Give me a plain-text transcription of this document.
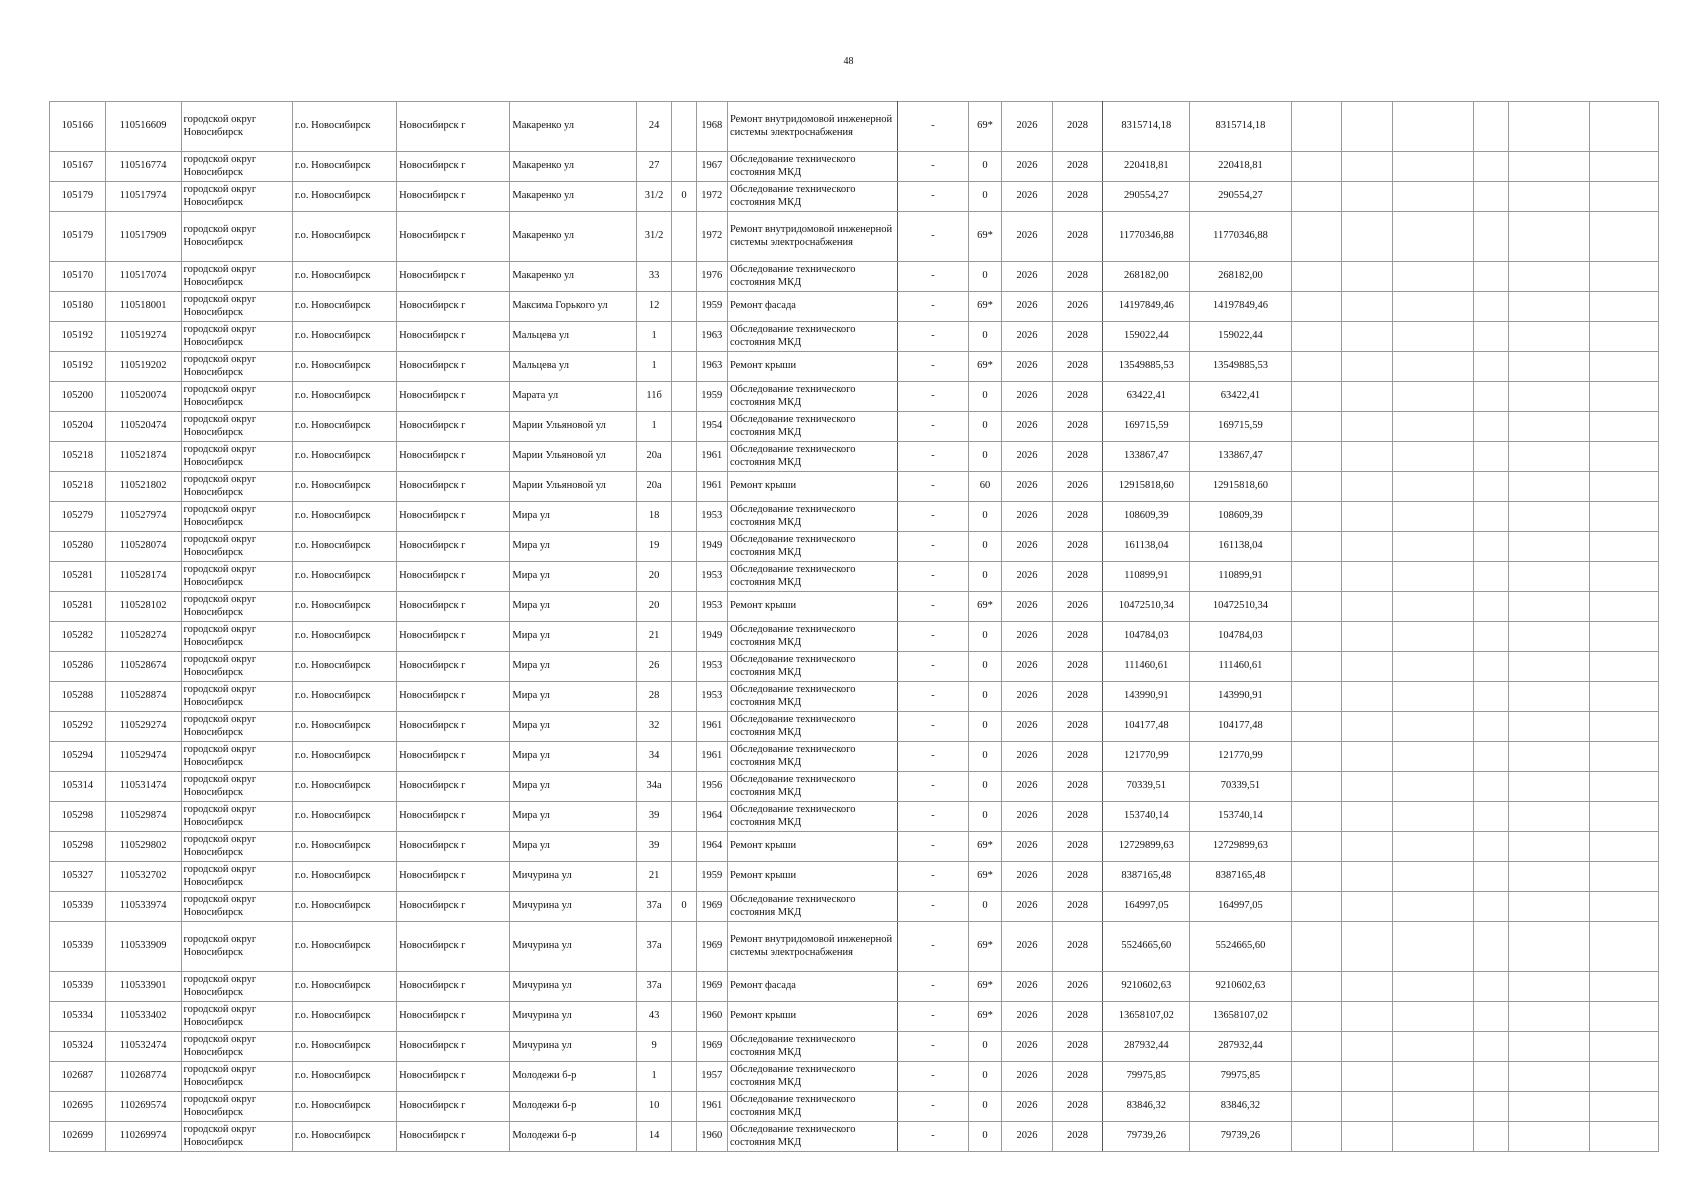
48
105166	110516609	городской округ Новосибирск	г.о. Новосибирск	Новосибирск г	Макаренко ул	24		1968	Ремонт внутридомовой инженерной системы электроснабжения	-	69*	2026	2028	8315714,18	8315714,18						
105167	110516774	городской округ Новосибирск	г.о. Новосибирск	Новосибирск г	Макаренко ул	27		1967	Обследование технического состояния МКД	-	0	2026	2028	220418,81	220418,81						
105179	110517974	городской округ Новосибирск	г.о. Новосибирск	Новосибирск г	Макаренко ул	31/2	0	1972	Обследование технического состояния МКД	-	0	2026	2028	290554,27	290554,27						
105179	110517909	городской округ Новосибирск	г.о. Новосибирск	Новосибирск г	Макаренко ул	31/2		1972	Ремонт внутридомовой инженерной системы электроснабжения	-	69*	2026	2028	11770346,88	11770346,88						
105170	110517074	городской округ Новосибирск	г.о. Новосибирск	Новосибирск г	Макаренко ул	33		1976	Обследование технического состояния МКД	-	0	2026	2028	268182,00	268182,00						
105180	110518001	городской округ Новосибирск	г.о. Новосибирск	Новосибирск г	Максима Горького ул	12		1959	Ремонт фасада	-	69*	2026	2026	14197849,46	14197849,46						
105192	110519274	городской округ Новосибирск	г.о. Новосибирск	Новосибирск г	Мальцева ул	1		1963	Обследование технического состояния МКД	-	0	2026	2028	159022,44	159022,44						
105192	110519202	городской округ Новосибирск	г.о. Новосибирск	Новосибирск г	Мальцева ул	1		1963	Ремонт крыши	-	69*	2026	2028	13549885,53	13549885,53						
105200	110520074	городской округ Новосибирск	г.о. Новосибирск	Новосибирск г	Марата ул	11б		1959	Обследование технического состояния МКД	-	0	2026	2028	63422,41	63422,41						
105204	110520474	городской округ Новосибирск	г.о. Новосибирск	Новосибирск г	Марии Ульяновой ул	1		1954	Обследование технического состояния МКД	-	0	2026	2028	169715,59	169715,59						
105218	110521874	городской округ Новосибирск	г.о. Новосибирск	Новосибирск г	Марии Ульяновой ул	20а		1961	Обследование технического состояния МКД	-	0	2026	2028	133867,47	133867,47						
105218	110521802	городской округ Новосибирск	г.о. Новосибирск	Новосибирск г	Марии Ульяновой ул	20а		1961	Ремонт крыши	-	60	2026	2026	12915818,60	12915818,60						
105279	110527974	городской округ Новосибирск	г.о. Новосибирск	Новосибирск г	Мира ул	18		1953	Обследование технического состояния МКД	-	0	2026	2028	108609,39	108609,39						
105280	110528074	городской округ Новосибирск	г.о. Новосибирск	Новосибирск г	Мира ул	19		1949	Обследование технического состояния МКД	-	0	2026	2028	161138,04	161138,04						
105281	110528174	городской округ Новосибирск	г.о. Новосибирск	Новосибирск г	Мира ул	20		1953	Обследование технического состояния МКД	-	0	2026	2028	110899,91	110899,91						
105281	110528102	городской округ Новосибирск	г.о. Новосибирск	Новосибирск г	Мира ул	20		1953	Ремонт крыши	-	69*	2026	2026	10472510,34	10472510,34						
105282	110528274	городской округ Новосибирск	г.о. Новосибирск	Новосибирск г	Мира ул	21		1949	Обследование технического состояния МКД	-	0	2026	2028	104784,03	104784,03						
105286	110528674	городской округ Новосибирск	г.о. Новосибирск	Новосибирск г	Мира ул	26		1953	Обследование технического состояния МКД	-	0	2026	2028	111460,61	111460,61						
105288	110528874	городской округ Новосибирск	г.о. Новосибирск	Новосибирск г	Мира ул	28		1953	Обследование технического состояния МКД	-	0	2026	2028	143990,91	143990,91						
105292	110529274	городской округ Новосибирск	г.о. Новосибирск	Новосибирск г	Мира ул	32		1961	Обследование технического состояния МКД	-	0	2026	2028	104177,48	104177,48						
105294	110529474	городской округ Новосибирск	г.о. Новосибирск	Новосибирск г	Мира ул	34		1961	Обследование технического состояния МКД	-	0	2026	2028	121770,99	121770,99						
105314	110531474	городской округ Новосибирск	г.о. Новосибирск	Новосибирск г	Мира ул	34а		1956	Обследование технического состояния МКД	-	0	2026	2028	70339,51	70339,51						
105298	110529874	городской округ Новосибирск	г.о. Новосибирск	Новосибирск г	Мира ул	39		1964	Обследование технического состояния МКД	-	0	2026	2028	153740,14	153740,14						
105298	110529802	городской округ Новосибирск	г.о. Новосибирск	Новосибирск г	Мира ул	39		1964	Ремонт крыши	-	69*	2026	2028	12729899,63	12729899,63						
105327	110532702	городской округ Новосибирск	г.о. Новосибирск	Новосибирск г	Мичурина ул	21		1959	Ремонт крыши	-	69*	2026	2028	8387165,48	8387165,48						
105339	110533974	городской округ Новосибирск	г.о. Новосибирск	Новосибирск г	Мичурина ул	37а	0	1969	Обследование технического состояния МКД	-	0	2026	2028	164997,05	164997,05						
105339	110533909	городской округ Новосибирск	г.о. Новосибирск	Новосибирск г	Мичурина ул	37а		1969	Ремонт внутридомовой инженерной системы электроснабжения	-	69*	2026	2028	5524665,60	5524665,60						
105339	110533901	городской округ Новосибирск	г.о. Новосибирск	Новосибирск г	Мичурина ул	37а		1969	Ремонт фасада	-	69*	2026	2026	9210602,63	9210602,63						
105334	110533402	городской округ Новосибирск	г.о. Новосибирск	Новосибирск г	Мичурина ул	43		1960	Ремонт крыши	-	69*	2026	2028	13658107,02	13658107,02						
105324	110532474	городской округ Новосибирск	г.о. Новосибирск	Новосибирск г	Мичурина ул	9		1969	Обследование технического состояния МКД	-	0	2026	2028	287932,44	287932,44						
102687	110268774	городской округ Новосибирск	г.о. Новосибирск	Новосибирск г	Молодежи б-р	1		1957	Обследование технического состояния МКД	-	0	2026	2028	79975,85	79975,85						
102695	110269574	городской округ Новосибирск	г.о. Новосибирск	Новосибирск г	Молодежи б-р	10		1961	Обследование технического состояния МКД	-	0	2026	2028	83846,32	83846,32						
102699	110269974	городской округ Новосибирск	г.о. Новосибирск	Новосибирск г	Молодежи б-р	14		1960	Обследование технического состояния МКД	-	0	2026	2028	79739,26	79739,26						
